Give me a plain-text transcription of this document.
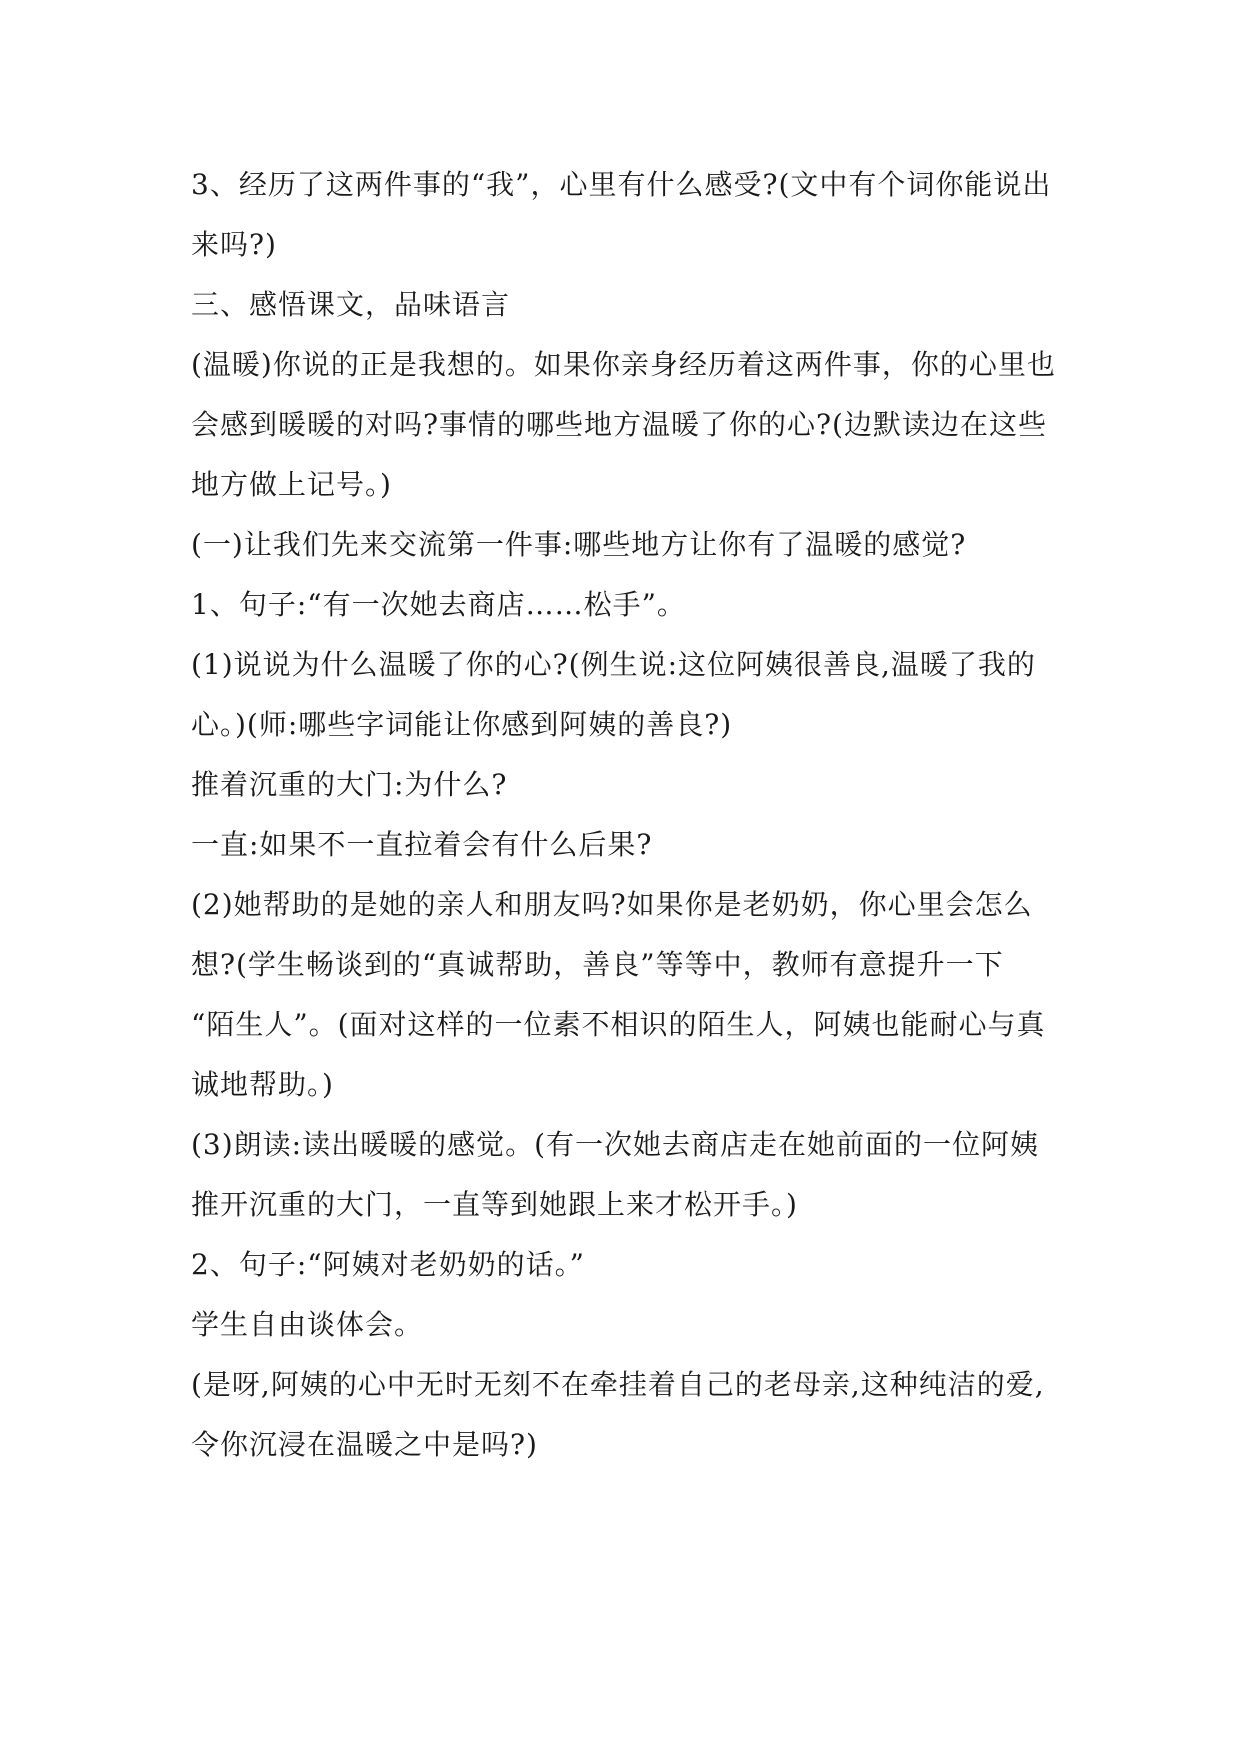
3、经历了这两件事的“我”，心里有什么感受?(文中有个词你能说出
来吗?)
三、感悟课文，品味语言
(温暖)你说的正是我想的。如果你亲身经历着这两件事，你的心里也
会感到暖暖的对吗?事情的哪些地方温暖了你的心?(边默读边在这些
地方做上记号。)
(一)让我们先来交流第一件事:哪些地方让你有了温暖的感觉?
1、句子:“有一次她去商店……松手”。
(1)说说为什么温暖了你的心?(例生说:这位阿姨很善良,温暖了我的
心。)(师:哪些字词能让你感到阿姨的善良?)
推着沉重的大门:为什么?
一直:如果不一直拉着会有什么后果?
(2)她帮助的是她的亲人和朋友吗?如果你是老奶奶，你心里会怎么
想?(学生畅谈到的“真诚帮助，善良”等等中，教师有意提升一下
“陌生人”。(面对这样的一位素不相识的陌生人，阿姨也能耐心与真
诚地帮助。)
(3)朗读:读出暖暖的感觉。(有一次她去商店走在她前面的一位阿姨
推开沉重的大门，一直等到她跟上来才松开手。)
2、句子:“阿姨对老奶奶的话。”
学生自由谈体会。
(是呀,阿姨的心中无时无刻不在牵挂着自己的老母亲,这种纯洁的爱,
令你沉浸在温暖之中是吗?)
